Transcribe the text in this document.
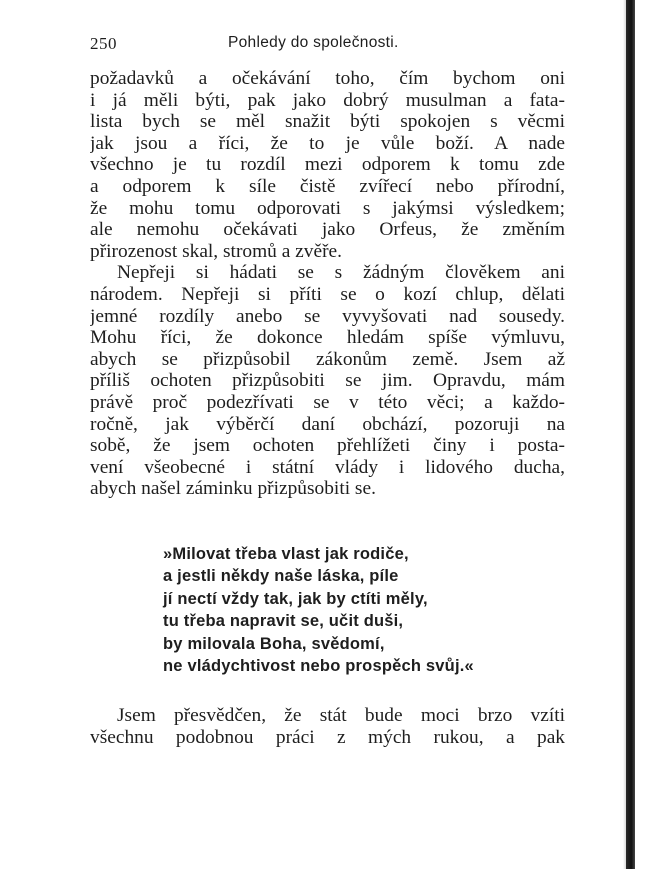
250	Pohledy do společnosti.
požadavků a očekávání toho, čím bychom oni
i já měli býti, pak jako dobrý musulman a fata-
lista bych se měl snažit býti spokojen s věcmi
jak jsou a říci, že to je vůle boží. A nade
všechno je tu rozdíl mezi odporem k tomu zde
a odporem k síle čistě zvířecí nebo přírodní,
že mohu tomu odporovati s jakýmsi výsledkem;
ale nemohu očekávati jako Orfeus, že změním
přirozenost skal, stromů a zvěře.
Nepřeji si hádati se s žádným člověkem ani
národem. Nepřeji si příti se o kozí chlup, dělati
jemné rozdíly anebo se vyvyšovati nad sousedy.
Mohu říci, že dokonce hledám spíše výmluvu,
abych se přizpůsobil zákonům země. Jsem až
příliš ochoten přizpůsobiti se jim. Opravdu, mám
právě proč podezřívati se v této věci; a každo-
ročně, jak výběrčí daní obchází, pozoruji na
sobě, že jsem ochoten přehlížeti činy i posta-
vení všeobecné i státní vlády i lidového ducha,
abych našel záminku přizpůsobiti se.
»Milovat třeba vlast jak rodiče,
a jestli někdy naše láska, píle
jí nectí vždy tak, jak by ctíti měly,
tu třeba napravit se, učit duši,
by milovala Boha, svědomí,
ne vládychtivost nebo prospěch svůj.«
Jsem přesvědčen, že stát bude moci brzo vzíti
všechnu podobnou práci z mých rukou, a pak
